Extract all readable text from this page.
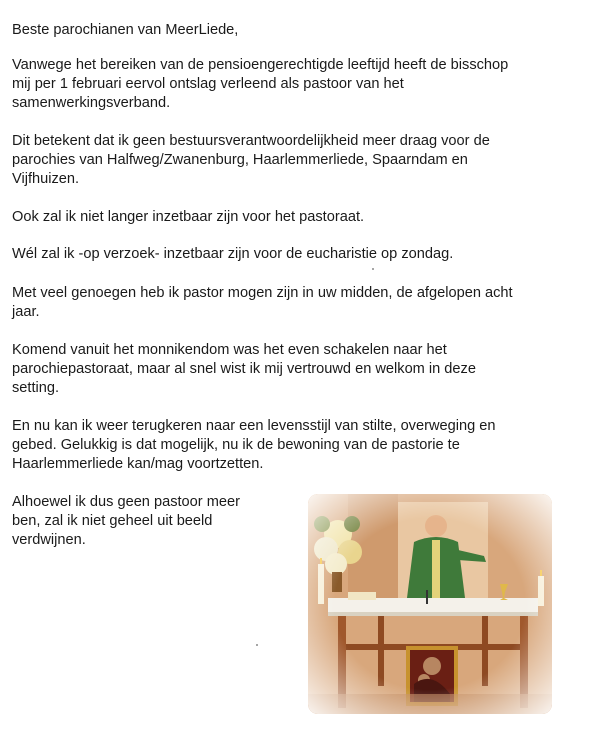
Beste parochianen van MeerLiede,

Vanwege het bereiken van de pensioengerechtigde leeftijd heeft de bisschop

mij per 1 februari eervol ontslag verleend als pastoor van het

samenwerkingsverband.

Dit betekent dat ik geen bestuursverantwoordelijkheid meer draag voor de

parochies van Halfweg/Zwanenburg, Haarlemmerliede, Spaarndam en

Vijfhuizen.

Ook zal ik niet langer inzetbaar zijn voor het pastoraat.

Wél zal ik -op verzoek- inzetbaar zijn voor de eucharistie op zondag.

Met veel genoegen heb ik pastor mogen zijn in uw midden, de afgelopen acht

jaar.

Komend vanuit het monnikendom was het even schakelen naar het

parochiepastoraat, maar al snel wist ik mij vertrouwd en welkom in deze

setting.

En nu kan ik weer terugkeren naar een levensstijl van stilte, overweging en

gebed. Gelukkig is dat mogelijk, nu ik de bewoning van de pastorie te

Haarlemmerliede kan/mag voortzetten.

Alhoewel ik dus geen pastoor meer

ben, zal ik niet geheel uit beeld

verdwijnen.
